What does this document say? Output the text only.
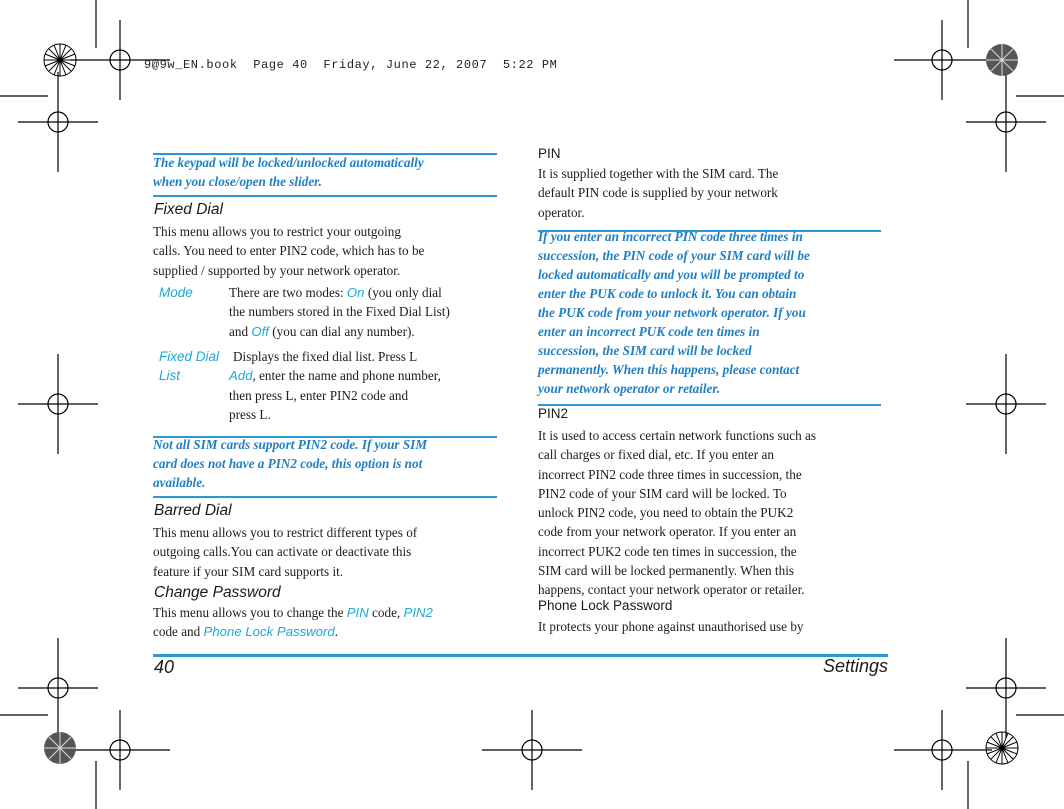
9@9w_EN.book  Page 40  Friday, June 22, 2007  5:22 PM
The keypad will be locked/unlocked automatically
when you close/open the slider.
Fixed Dial
This menu allows you to restrict your outgoing
calls. You need to enter PIN2 code, which has to be
supplied / supported by your network operator.
Mode	There are two modes: On (you only dial
the numbers stored in the Fixed Dial List)
and Off (you can dial any number).
Fixed Dial
List
Displays the fixed dial list. Press L
Add, enter the name and phone number,
then press L, enter PIN2 code and
press L.
Not all SIM cards support PIN2 code. If your SIM
card does not have a PIN2 code, this option is not
available.
Barred Dial
This menu allows you to restrict different types of
outgoing calls.You can activate or deactivate this
feature if your SIM card supports it.
Change Password
This menu allows you to change the PIN code, PIN2
code and Phone Lock Password.
PIN
It is supplied together with the SIM card. The
default PIN code is supplied by your network
operator.
If you enter an incorrect PIN code three times in
succession, the PIN code of your SIM card will be
locked automatically and you will be prompted to
enter the PUK code to unlock it. You can obtain
the PUK code from your network operator. If you
enter an incorrect PUK code ten times in
succession, the SIM card will be locked
permanently. When this happens, please contact
your network operator or retailer.
PIN2
It is used to access certain network functions such as
call charges or fixed dial, etc. If you enter an
incorrect PIN2 code three times in succession, the
PIN2 code of your SIM card will be locked. To
unlock PIN2 code, you need to obtain the PUK2
code from your network operator. If you enter an
incorrect PUK2 code ten times in succession, the
SIM card will be locked permanently. When this
happens, contact your network operator or retailer.
Phone Lock Password
It protects your phone against unauthorised use by
40	Settings
